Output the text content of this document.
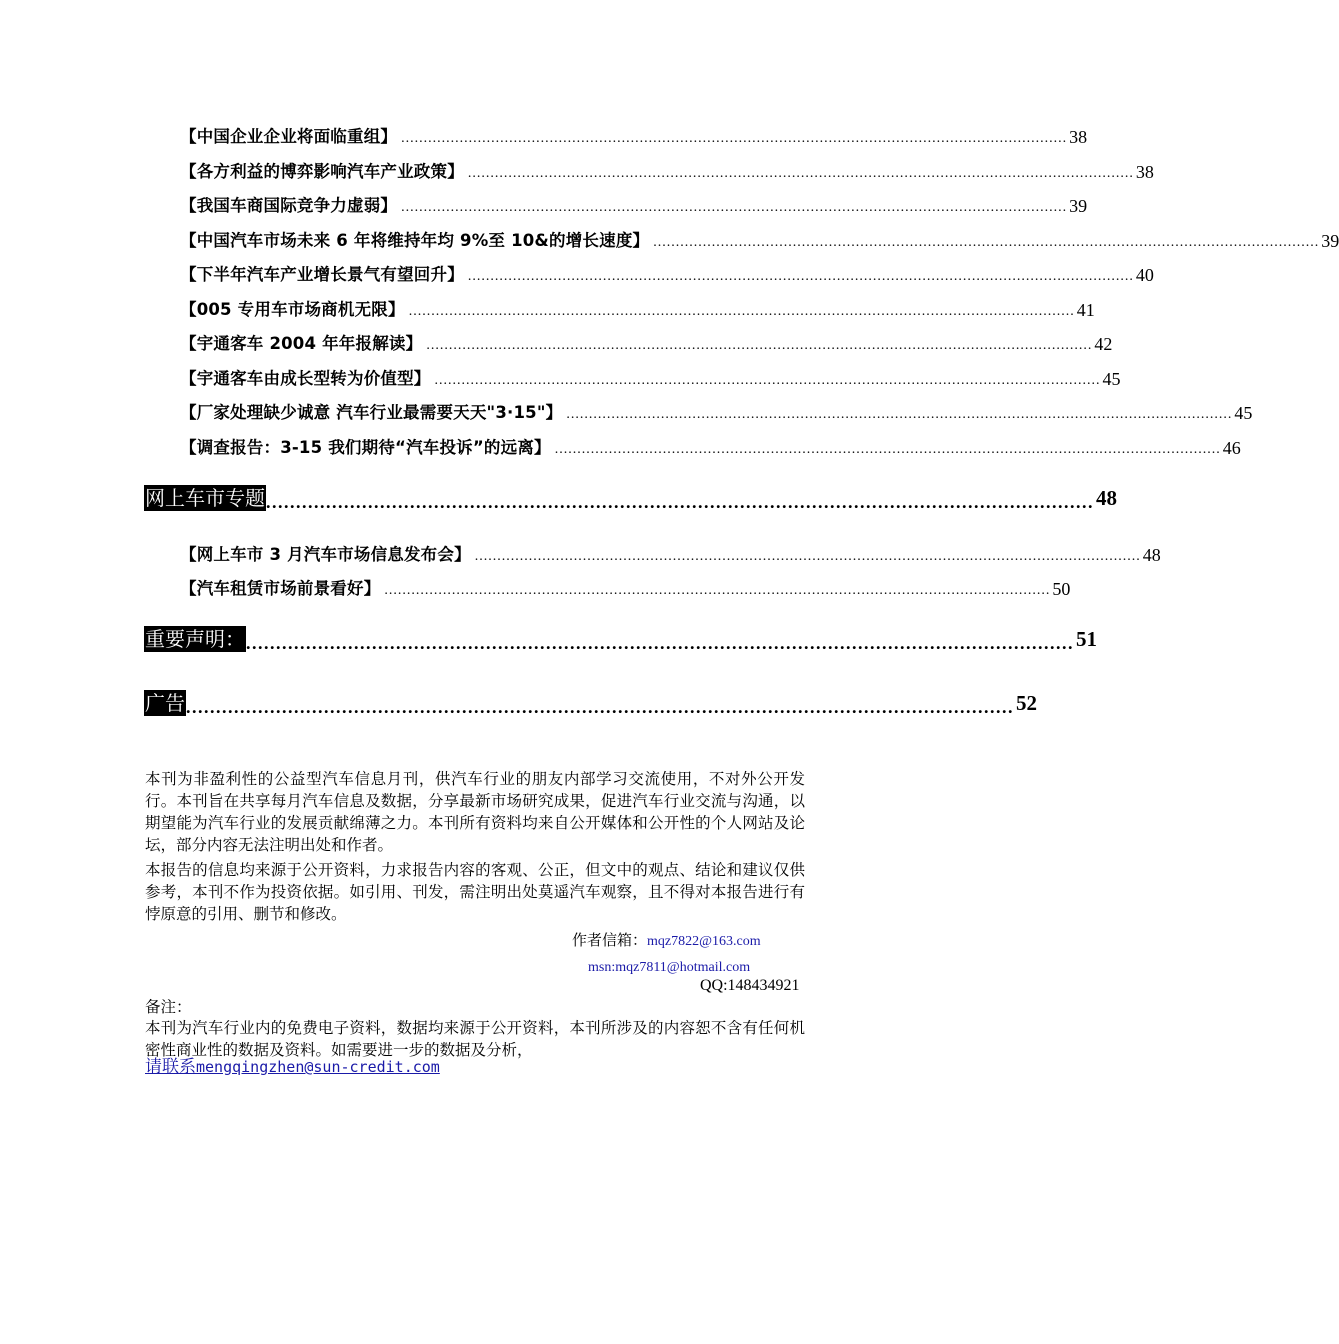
【中国企业企业将面临重组】 .................................................................................................................................................... 38
【各方利益的博弈影响汽车产业政策】 .................................................................................................................................................... 38
【我国车商国际竞争力虚弱】 .................................................................................................................................................... 39
【中国汽车市场未来 6 年将维持年均 9%至 10&的增长速度】 .................................................................................................................................................... 39
【下半年汽车产业增长景气有望回升】 .................................................................................................................................................... 40
【005 专用车市场商机无限】 .................................................................................................................................................... 41
【宇通客车 2004 年年报解读】 .................................................................................................................................................... 42
【宇通客车由成长型转为价值型】 .................................................................................................................................................... 45
【厂家处理缺少诚意 汽车行业最需要天天"3·15"】 .................................................................................................................................................... 45
【调查报告：3-15 我们期待“汽车投诉”的远离】 .................................................................................................................................................... 46
网上车市专题 .......................................................................................................................................... 48
【网上车市 3 月汽车市场信息发布会】 .................................................................................................................................................... 48
【汽车租赁市场前景看好】 .................................................................................................................................................... 50
重要声明： .......................................................................................................................................... 51
广告 .......................................................................................................................................... 52
本刊为非盈利性的公益型汽车信息月刊，供汽车行业的朋友内部学习交流使用，不对外公开发行。本刊旨在共享每月汽车信息及数据，分享最新市场研究成果，促进汽车行业交流与沟通，以期望能为汽车行业的发展贡献绵薄之力。本刊所有资料均来自公开媒体和公开性的个人网站及论坛，部分内容无法注明出处和作者。
本报告的信息均来源于公开资料，力求报告内容的客观、公正，但文中的观点、结论和建议仅供参考，本刊不作为投资依据。如引用、刊发，需注明出处莫遥汽车观察，且不得对本报告进行有悖原意的引用、删节和修改。
作者信箱：mqz7822@163.com
msn:mqz7811@hotmail.com
QQ:148434921
备注：
本刊为汽车行业内的免费电子资料，数据均来源于公开资料，本刊所涉及的内容恕不含有任何机密性商业性的数据及资料。如需要进一步的数据及分析，
请联系mengqingzhen@sun-credit.com
